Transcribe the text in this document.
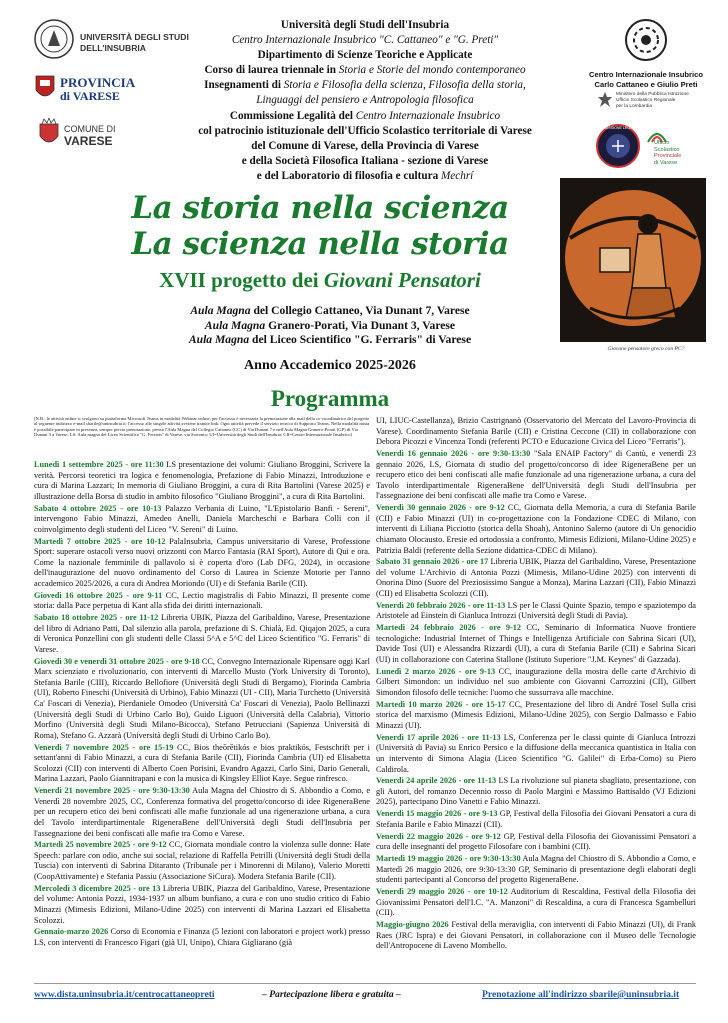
UNIVERSITÀ DEGLI STUDI DELL'INSUBRIA
PROVINCIA
di VARESE
COMUNE DI
VARESE
Università degli Studi dell'Insubria
Centro Internazionale Insubrico "C. Cattaneo" e "G. Preti"
Dipartimento di Scienze Teoriche e Applicate
Corso di laurea triennale in Storia e Storie del mondo contemporaneo
Insegnamenti di Storia e Filosofia della scienza, Filosofia della storia,
Linguaggi del pensiero e Antropologia filosofica
Commissione Legalità del Centro Internazionale Insubrico
col patrocinio istituzionale dell'Ufficio Scolastico territoriale di Varese
del Comune di Varese, della Provincia di Varese
e della Società Filosofica Italiana - sezione di Varese
e del Laboratorio di filosofia e cultura Mechrí
Centro Internazionale Insubrico Carlo Cattaneo e Giulio Preti
Ministero della Pubblica Istruzione
Ufficio Scolastico Regionale
per la Lombardia
COMMISSIONE LEGALITÀ
Ufficio
Scolastico
Provinciale
di Varese
La storia nella scienza
La scienza nella storia
XVII progetto dei Giovani Pensatori
Aula Magna del Collegio Cattaneo, Via Dunant 7, Varese
Aula Magna Granero-Porati, Via Dunant 3, Varese
Aula Magna del Liceo Scientifico "G. Ferraris" di Varese
Giovane pensatore greco con PC?
Anno Accademico 2025-2026
Programma
[N.B.: le attività online si svolgono su piattaforma Microsoft Teams in modalità Webinar online; per l'accesso è necessaria la prenotazione alla mail della co-coordinatrice del progetto al seguente indirizzo e-mail sbarile@uninsubria.it; l'accesso alle singole attività avviene tramite link. Ogni attività prevede il servizio tecnico di Supporto Teams. Nella modalità mista è possibile partecipare in presenza, sempre previa prenotazione, presso l'Aula Magna del Collegio Cattaneo (CC) di Via Dunant 7 e nell'Aula Magna Granero-Porati (GP) di Via Dunant 3 a Varese; LS: Aula magna del Liceo Scientifico "G. Ferraris" di Varese, via Sorrento; UI=Università degli Studi dell'Insubria; CII=Centro Internazionale Insubrico]

Lunedì 1 settembre 2025 - ore 11:30 LS presentazione dei volumi: Giuliano Broggini, Scrivere la verità. Percorsi teoretici tra logica e fenomenologia, Prefazione di Fabio Minazzi, Introduzione e cura di Marina Lazzari; In memoria di Giuliano Broggini, a cura di Rita Bartolini (Varese 2025) e illustrazione della Borsa di studio in ambito filosofico "Giuliano Broggini", a cura di Rita Bartolini.

Sabato 4 ottobre 2025 - ore 10-13 Palazzo Verbania di Luino, "L'Epistolario Banfi - Sereni", intervengono Fabio Minazzi, Amedeo Anelli, Daniela Marcheschi e Barbara Colli con il coinvolgimento degli studenti del Liceo "V. Sereni" di Luino.

Martedì 7 ottobre 2025 - ore 10-12 PalaInsubria, Campus universitario di Varese, Professione Sport: superare ostacoli verso nuovi orizzonti con Marco Fantasia (RAI Sport), Autore di Qui e ora. Come la nazionale femminile di pallavolo si è coperta d'oro (Lab DFG, 2024), in occasione dell'inaugurazione del nuovo ordinamento del Corso di Laurea in Scienze Motorie per l'anno accademico 2025/2026, a cura di Andrea Moriondo (UI) e di Stefania Barile (CII).

Giovedì 16 ottobre 2025 - ore 9-11 CC, Lectio magistralis di Fabio Minazzi, Il presente come storia: dalla Pace perpetua di Kant alla sfida dei diritti internazionali.

Sabato 18 ottobre 2025 - ore 11-12 Libreria UBIK, Piazza del Garibaldino, Varese, Presentazione del libro di Adriano Patti, Dal silenzio alla parola, prefazione di S. Chialà, Ed. Qiqajon 2025, a cura di Veronica Ponzellini con gli studenti delle Classi 5^A e 5^C del Liceo Scientifico "G. Ferraris" di Varese.

Giovedì 30 e venerdì 31 ottobre 2025 - ore 9-18 CC, Convegno Internazionale Ripensare oggi Karl Marx scienziato e rivoluzionario, con interventi di Marcello Musto (York University di Toronto), Stefania Barile (CIII), Riccardo Bellofiore (Università degli Studi di Bergamo), Fiorinda Cambria (UI), Roberto Fineschi (Università di Urbino), Fabio Minazzi (UI - CII), Maria Turchetto (Università Ca' Foscari di Venezia), Pierdaniele Omodeo (Università Ca' Foscari di Venezia), Paolo Bellinazzi (Università degli Studi di Urbino Carlo Bo), Guido Liguori (Università della Calabria), Vittorio Morfino (Università degli Studi Milano-Bicocca), Stefano Petrucciani (Sapienza Università di Roma), Stefano G. Azzarà (Università degli Studi di Urbino Carlo Bo).

Venerdì 7 novembre 2025 - ore 15-19 CC, Bios theōrētikós e bios praktikós, Festschrift per i settant'anni di Fabio Minazzi, a cura di Stefania Barile (CII), Fiorinda Cambria (UI) ed Elisabetta Scolozzi (CII) con interventi di Alberto Coen Porisini, Evandro Agazzi, Carlo Sini, Dario Generali, Marina Lazzari, Paolo Giannitrapani e con la musica di Kingsley Elliot Kaye. Segue rinfresco.

Venerdì 21 novembre 2025 - ore 9:30-13:30 Aula Magna del Chiostro di S. Abbondio a Como, e Venerdì 28 novembre 2025, CC, Conferenza formativa del progetto/concorso di idee RigeneraBene per un recupero etico dei beni confiscati alle mafie funzionale ad una rigenerazione urbana, a cura del Tavolo interdipartimentale RigeneraBene dell'Università degli Studi dell'Insubria per l'assegnazione dei beni confiscati alle mafie tra Como e Varese.

Martedì 25 novembre 2025 - ore 9-12 CC, Giornata mondiale contro la violenza sulle donne: Hate Speech: parlare con odio, anche sui social, relazione di Raffella Petrilli (Università degli Studi della Tuscia) con interventi di Sabrina Ditaranto (Tribunale per i Minorenni di Milano), Valerio Moretti (CoopAttivamente) e Stefania Passiu (Associazione SiCura). Modera Stefania Barile (CII).

Mercoledì 3 dicembre 2025 - ore 13 Libreria UBIK, Piazza del Garibaldino, Varese, Presentazione del volume: Antonia Pozzi, 1934-1937 un album bunfiano, a cura e con uno studio critico di Fabio Minazzi (Mimesis Edizioni, Milano-Udine 2025) con interventi di Marina Lazzari ed Elisabetta Scolozzi.

Gennaio-marzo 2026 Corso di Economia e Finanza (5 lezioni con laboratori e project work) presso LS, con interventi di Francesco Figari (già UI, Unipo), Chiara Gigliarano (già

UI, LIUC-Castellanza), Brizio Castrignanò (Osservatorio del Mercato del Lavoro-Provincia di Varese). Coordinamento Stefania Barile (CII) e Cristina Ceccone (CII) in collaborazione con Debora Picozzi e Vincenza Tondi (referenti PCTO e Educazione Civica del Liceo "Ferraris").

Venerdì 16 gennaio 2026 - ore 9:30-13:30 "Sala ENAIP Factory" di Cantù, e venerdì 23 gennaio 2026, LS, Giornata di studio del progetto/concorso di idee RigeneraBene per un recupero etico dei beni confiscati alle mafie funzionale ad una rigenerazione urbana, a cura del Tavolo interdipartimentale RigeneraBene dell'Università degli Studi dell'Insubria per l'assegnazione dei beni confiscati alle mafie tra Como e Varese.

Venerdì 30 gennaio 2026 - ore 9-12 CC, Giornata della Memoria, a cura di Stefania Barile (CII) e Fabio Minazzi (UI) in co-progettazione con la Fondazione CDEC di Milano, con interventi di Liliana Picciotto (storica della Shoah), Antonino Salerno (autore di Un genocidio chiamato Olocausto. Eresie ed ortodossia a confronto, Mimesis Edizioni, Milano-Udine 2025) e Patrizia Baldi (referente della Sezione didattica-CDEC di Milano).

Sabato 31 gennaio 2026 - ore 17 Libreria UBIK, Piazza del Garibaldino, Varese, Presentazione del volume L'Archivio di Antonia Pozzi (Mimesis, Milano-Udine 2025) con interventi di Onorina Dino (Suore del Preziosissimo Sangue a Monza), Marina Lazzari (CII), Fabio Minazzi (CII) ed Elisabetta Scolozzi (CII).

Venerdì 20 febbraio 2026 - ore 11-13 LS per le Classi Quinte Spazio, tempo e spaziotempo da Aristotele ad Einstein di Gianluca Introzzi (Università degli Studi di Pavia).

Martedì 24 febbraio 2026 - ore 9-12 CC, Seminario di Informatica Nuove frontiere tecnologiche: Industrial Internet of Things e Intelligenza Artificiale con Sabrina Sicari (UI), Davide Tosi (UI) e Alessandra Rizzardi (UI), a cura di Stefania Barile (CII) e Sabrina Sicari (UI) in collaborazione con Caterina Stallone (Istituto Superiore "J.M. Keynes" di Gazzada).

Lunedì 2 marzo 2026 - ore 9-13 CC, inaugurazione della mostra delle carte d'Archivio di Gilbert Simondon: un individuo nel suo ambiente con Giovanni Carrozzini (CII), Gilbert Simondon filosofo delle tecniche: l'uomo che sussurrava alle macchine.

Martedì 10 marzo 2026 - ore 15-17 CC, Presentazione del libro di André Tosel Sulla crisi storica del marxismo (Mimesis Edizioni, Milano-Udine 2025), con Sergio Dalmasso e Fabio Minazzi (UI).

Venerdì 17 aprile 2026 - ore 11-13 LS, Conferenza per le classi quinte di Gianluca Introzzi (Università di Pavia) su Enrico Persico e la diffusione della meccanica quantistica in Italia con un intervento di Simona Alagia (Liceo Scientifico "G. Galilei" di Erba-Como) su Piero Caldirola.

Venerdì 24 aprile 2026 - ore 11-13 LS La rivoluzione sul pianeta sbagliato, presentazione, con gli Autori, del romanzo Decennio rosso di Paolo Margini e Massimo Battisaldo (VJ Edizioni 2025), partecipano Dino Vanetti e Fabio Minazzi.

Venerdì 15 maggio 2026 - ore 9-13 GP, Festival della Filosofia dei Giovani Pensatori a cura di Stefania Barile e Fabio Minazzi (CII).

Venerdì 22 maggio 2026 - ore 9-12 GP, Festival della Filosofia dei Giovanissimi Pensatori a cura delle insegnanti del progetto Filosofare con i bambini (CII).

Martedì 19 maggio 2026 - ore 9:30-13:30 Aula Magna del Chiostro di S. Abbondio a Como, e Martedì 26 maggio 2026, ore 9:30-13:30 GP, Seminario di presentazione degli elaborati degli studenti partecipanti al Concorso del progetto RigeneraBene.

Venerdì 29 maggio 2026 - ore 10-12 Auditorium di Rescaldina, Festival della Filosofia dei Giovanissimi Pensatori dell'I.C. "A. Manzoni" di Rescaldina, a cura di Francesca Sgambelluri (CII).

Maggio-giugno 2026 Festival della meraviglia, con interventi di Fabio Minazzi (UI), di Frank Raes (JRC Ispra) e dei Giovani Pensatori, in collaborazione con il Museo delle Tecnologie dell'Antropocene di Laveno Mombello.

www.dista.uninsubria.it/centrocattaneopreti	– Partecipazione libera e gratuita –	Prenotazione all'indirizzo sbarile@uninsubria.it
